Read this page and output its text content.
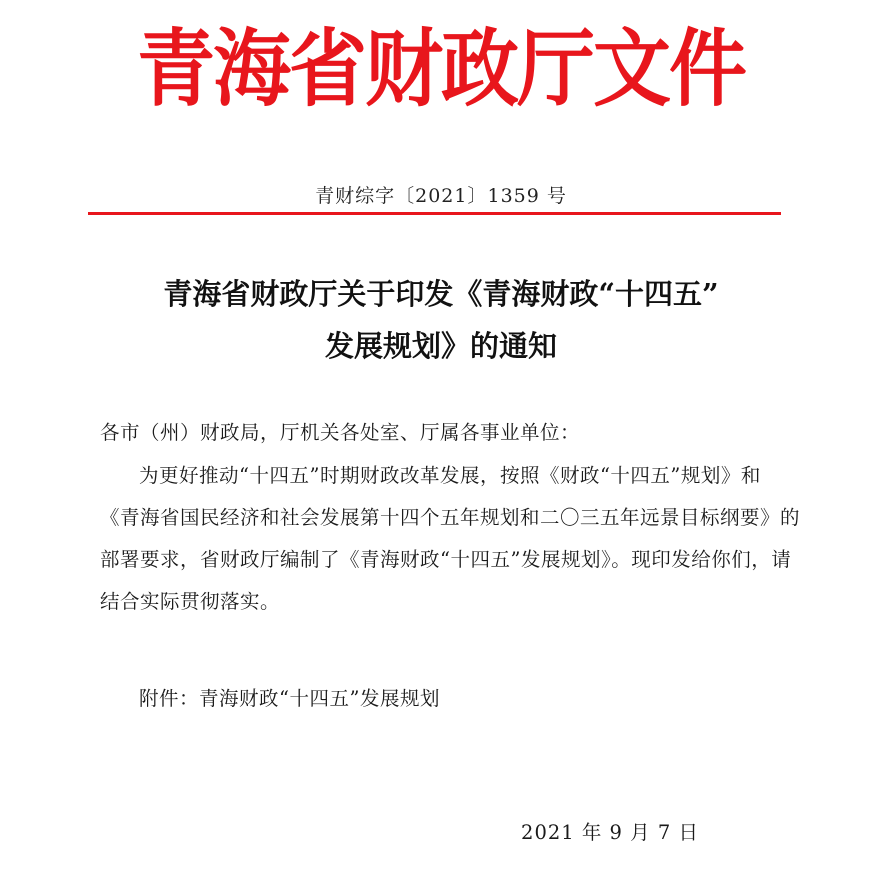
青海省财政厅文件
青财综字〔2021〕1359 号
青海省财政厅关于印发《青海财政“十四五”
发展规划》的通知

各市（州）财政局，厅机关各处室、厅属各事业单位：

为更好推动“十四五”时期财政改革发展，按照《财政“十四五”规划》和《青海省国民经济和社会发展第十四个五年规划和二〇三五年远景目标纲要》的部署要求，省财政厅编制了《青海财政“十四五”发展规划》。现印发给你们，请结合实际贯彻落实。

附件：青海财政“十四五”发展规划

2021 年 9 月 7 日
